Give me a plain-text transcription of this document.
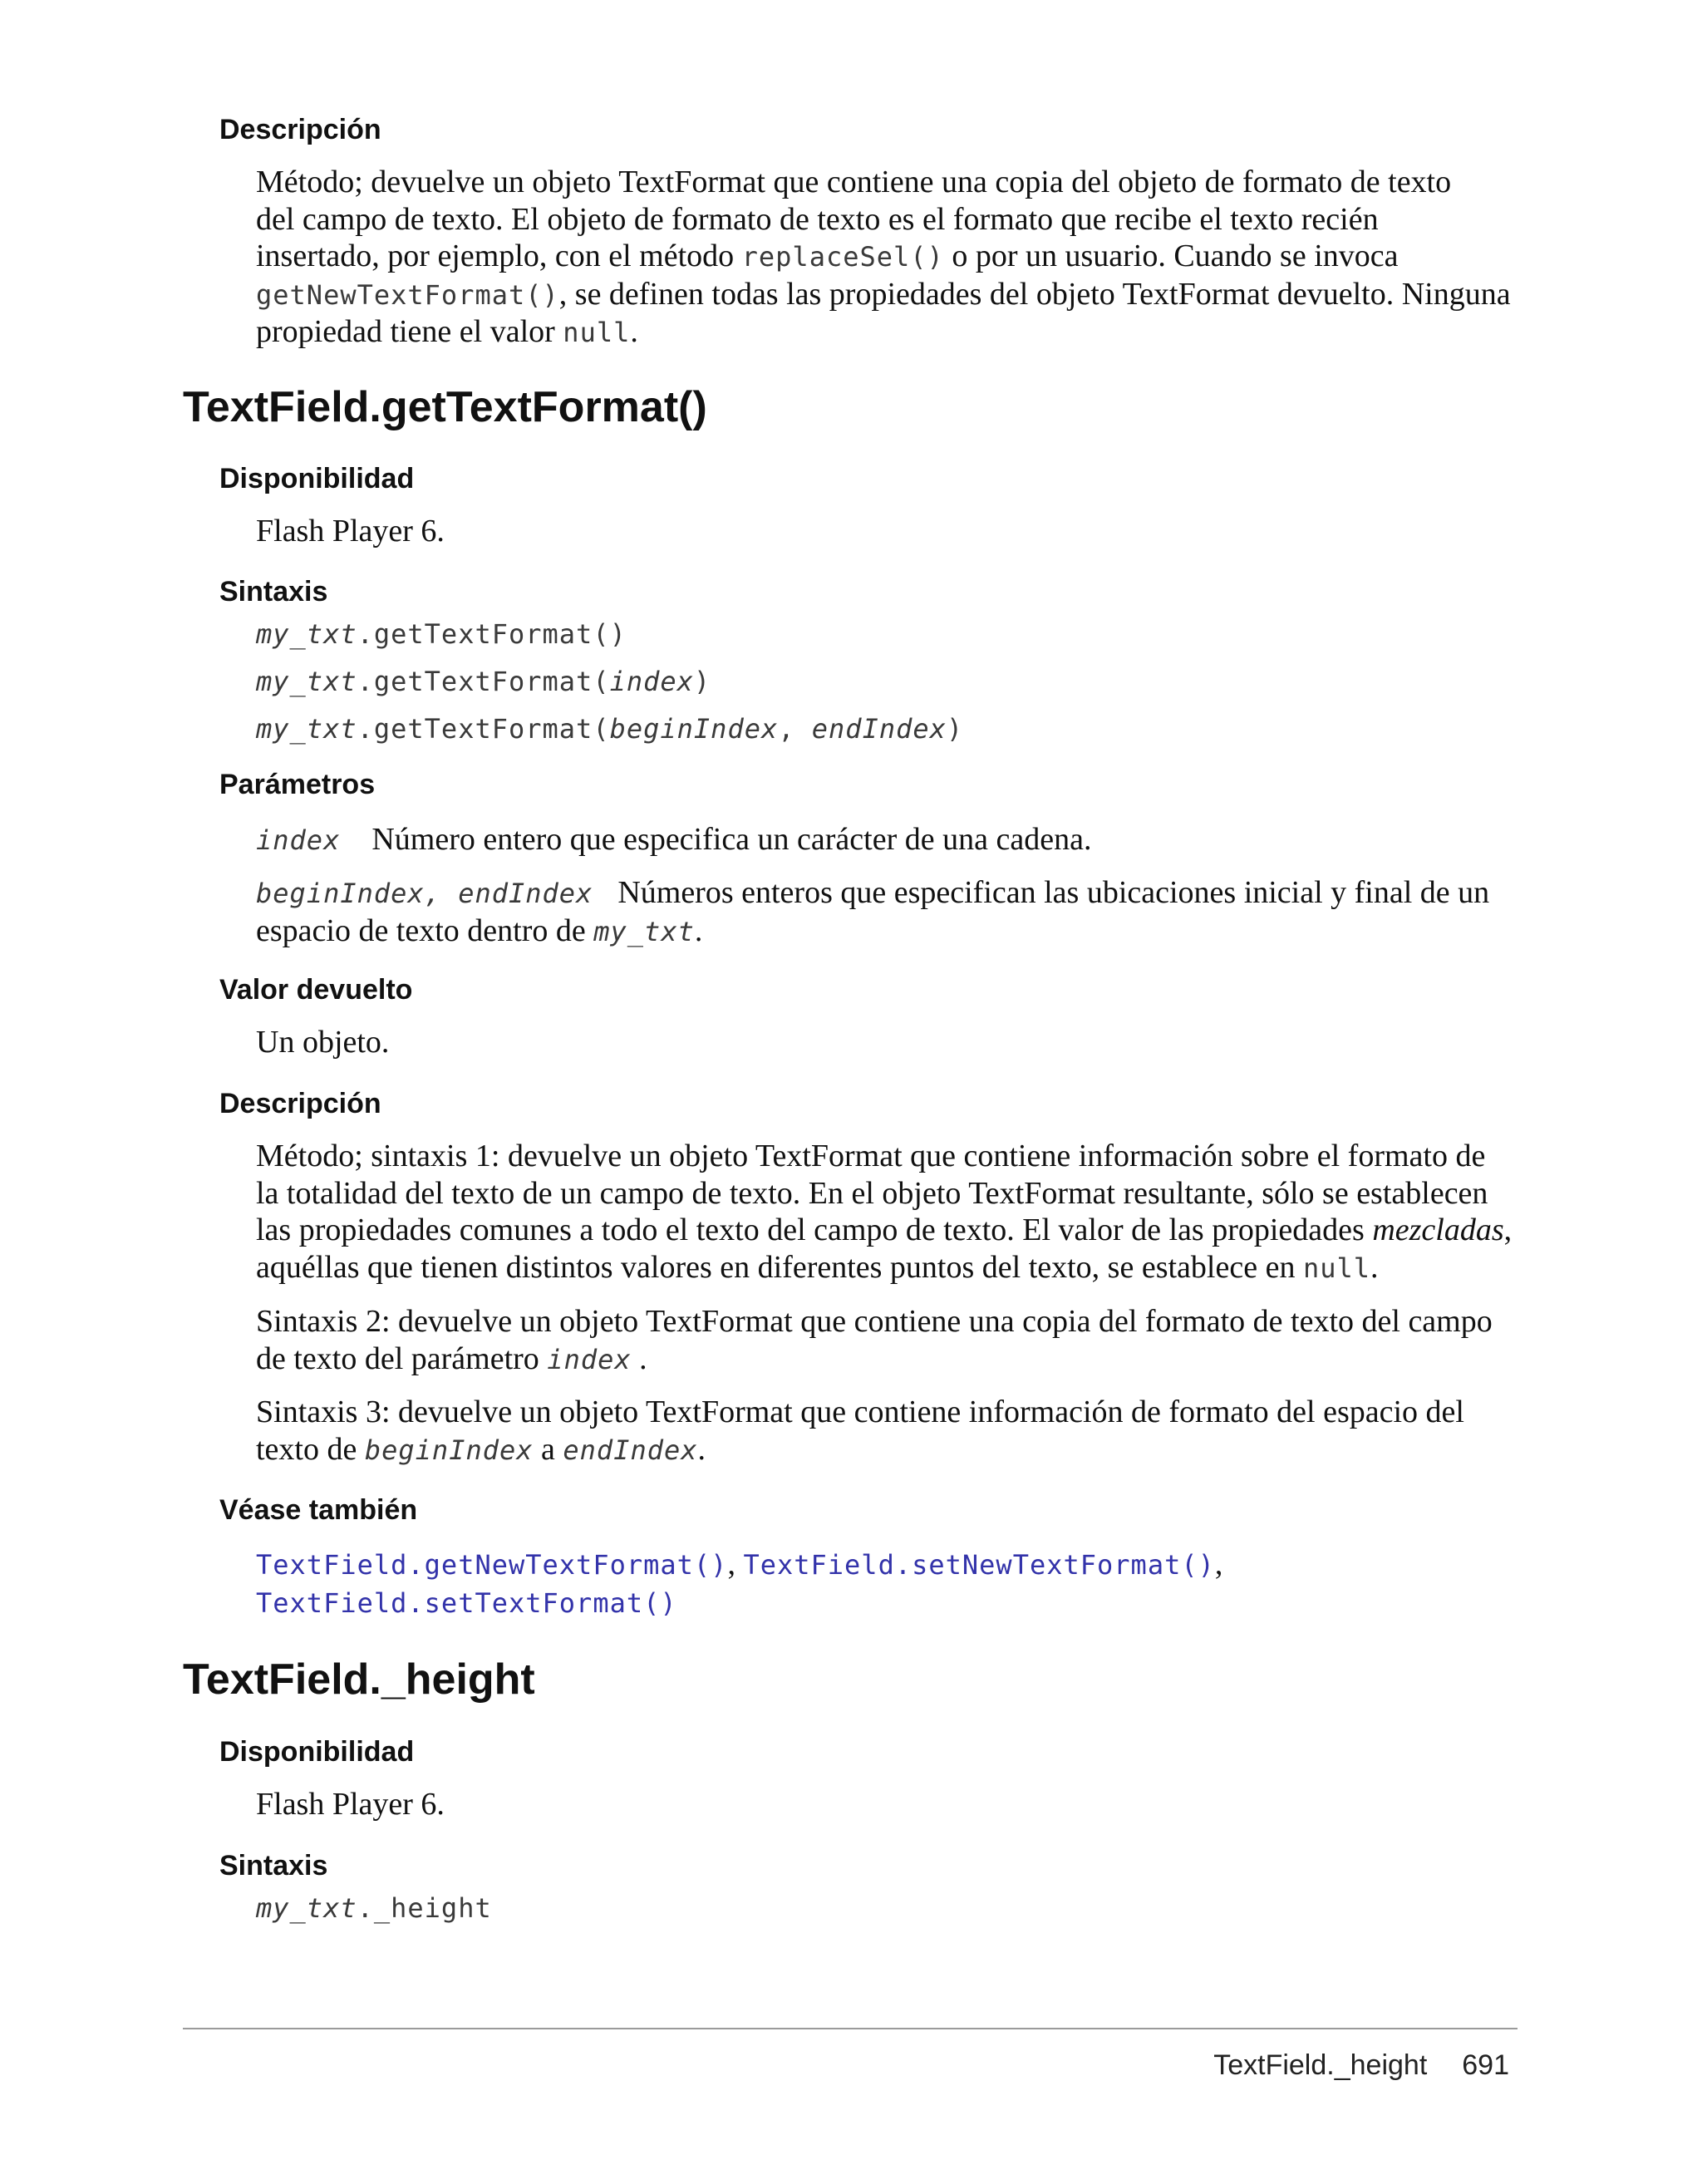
Descripción
Método; devuelve un objeto TextFormat que contiene una copia del objeto de formato de texto
del campo de texto. El objeto de formato de texto es el formato que recibe el texto recién
insertado, por ejemplo, con el método replaceSel() o por un usuario. Cuando se invoca
getNewTextFormat(), se definen todas las propiedades del objeto TextFormat devuelto. Ninguna
propiedad tiene el valor null.
TextField.getTextFormat()
Disponibilidad
Flash Player 6.
Sintaxis
my_txt.getTextFormat()
my_txt.getTextFormat(index)
my_txt.getTextFormat(beginIndex, endIndex)
Parámetros
index Número entero que especifica un carácter de una cadena.
beginIndex, endIndex Números enteros que especifican las ubicaciones inicial y final de un
espacio de texto dentro de my_txt.
Valor devuelto
Un objeto.
Descripción
Método; sintaxis 1: devuelve un objeto TextFormat que contiene información sobre el formato de
la totalidad del texto de un campo de texto. En el objeto TextFormat resultante, sólo se establecen
las propiedades comunes a todo el texto del campo de texto. El valor de las propiedades mezcladas,
aquéllas que tienen distintos valores en diferentes puntos del texto, se establece en null.
Sintaxis 2: devuelve un objeto TextFormat que contiene una copia del formato de texto del campo
de texto del parámetro index .
Sintaxis 3: devuelve un objeto TextFormat que contiene información de formato del espacio del
texto de beginIndex a endIndex.
Véase también
TextField.getNewTextFormat(), TextField.setNewTextFormat(),
TextField.setTextFormat()
TextField._height
Disponibilidad
Flash Player 6.
Sintaxis
my_txt._height
TextField._height 691
